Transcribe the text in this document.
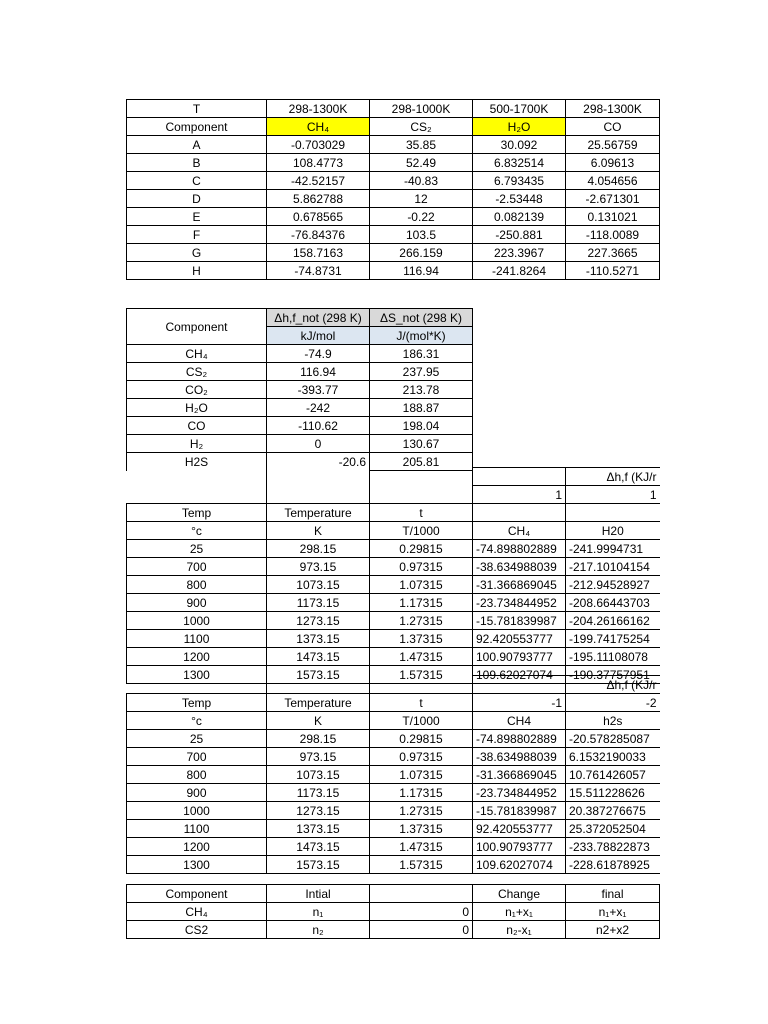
T	298-1300K	298-1000K	500-1700K	298-1300K
Component	CH₄	CS₂	H₂O	CO
A	-0.703029	35.85	30.092	25.56759
B	108.4773	52.49	6.832514	6.09613
C	-42.52157	-40.83	6.793435	4.054656
D	5.862788	12	-2.53448	-2.671301
E	0.678565	-0.22	0.082139	0.131021
F	-76.84376	103.5	-250.881	-118.0089
G	158.7163	266.159	223.3967	227.3665
H	-74.8731	116.94	-241.8264	-110.5271
Component	Δh,f_not (298 K)	ΔS_not (298 K)
	kJ/mol	J/(mol*K)
CH₄	-74.9	186.31
CS₂	116.94	237.95
CO₂	-393.77	213.78
H₂O	-242	188.87
CO	-110.62	198.04
H₂	0	130.67
H2S	-20.6	205.81
				Δh,f (KJ/r
			1	1
Temp	Temperature	t		
°c	K	T/1000	CH₄	H20
25	298.15	0.29815	-74.898802889	-241.9994731
700	973.15	0.97315	-38.634988039	-217.10104154
800	1073.15	1.07315	-31.366869045	-212.94528927
900	1173.15	1.17315	-23.734844952	-208.66443703
1000	1273.15	1.27315	-15.781839987	-204.26166162
1100	1373.15	1.37315	92.420553777	-199.74175254
1200	1473.15	1.47315	100.90793777	-195.11108078
1300	1573.15	1.57315	109.62027074	-190.37757951
				Δh,f (KJ/r
Temp	Temperature	t	-1	-2
°c	K	T/1000	CH4	h2s
25	298.15	0.29815	-74.898802889	-20.578285087
700	973.15	0.97315	-38.634988039	6.1532190033
800	1073.15	1.07315	-31.366869045	10.761426057
900	1173.15	1.17315	-23.734844952	15.511228626
1000	1273.15	1.27315	-15.781839987	20.387276675
1100	1373.15	1.37315	92.420553777	25.372052504
1200	1473.15	1.47315	100.90793777	-233.78822873
1300	1573.15	1.57315	109.62027074	-228.61878925
Component	Intial		Change	final
CH₄	n₁	0	n₁+x₁	n₁+x₁
CS2	n₂	0	n₂-x₁	n2+x2
